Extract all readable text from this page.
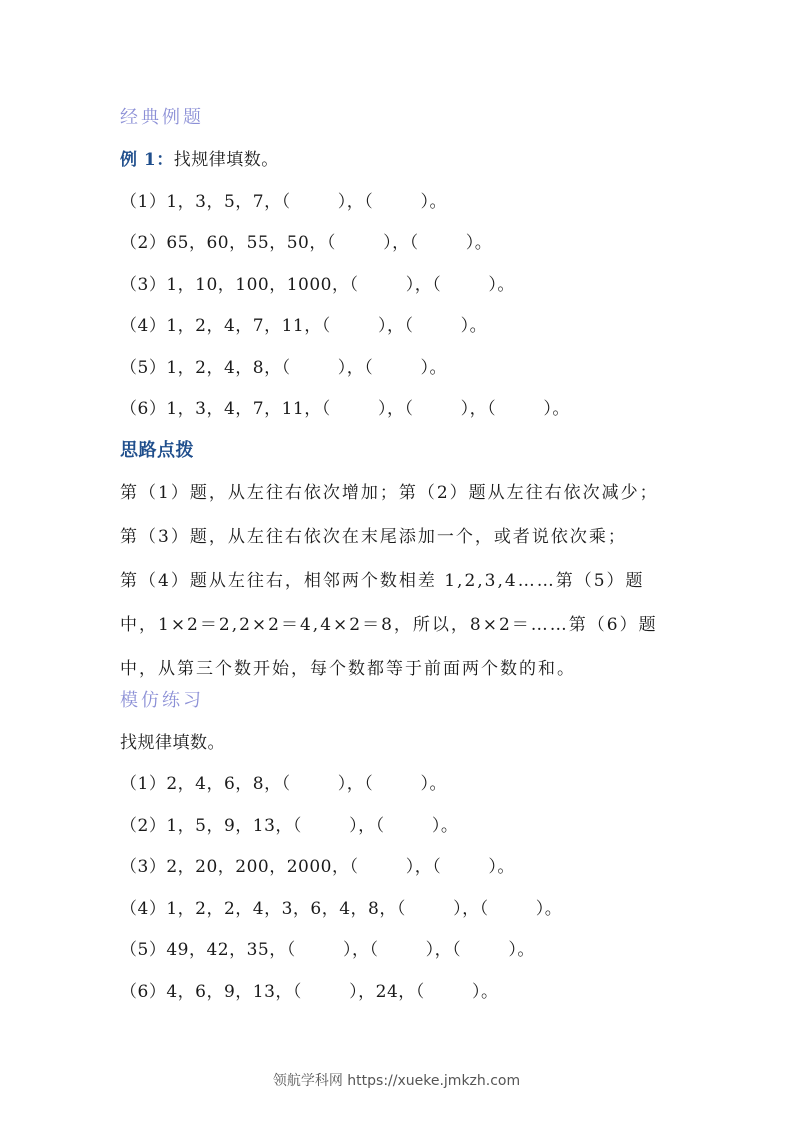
经典例题
例 1：找规律填数。
（1）1，3，5，7，（        ），（        ）。
（2）65，60，55，50，（        ），（        ）。
（3）1，10，100，1000，（        ），（        ）。
（4）1，2，4，7，11，（        ），（        ）。
（5）1，2，4，8，（        ），（        ）。
（6）1，3，4，7，11，（        ），（        ），（        ）。
思路点拨
第（1）题，从左往右依次增加；第（2）题从左往右依次减少；
第（3）题，从左往右依次在末尾添加一个，或者说依次乘；
第（4）题从左往右，相邻两个数相差 1,2,3,4……第（5）题
中，1×2＝2,2×2＝4,4×2＝8，所以，8×2＝……第（6）题
中，从第三个数开始，每个数都等于前面两个数的和。
模仿练习
找规律填数。
（1）2，4，6，8，（        ），（        ）。
（2）1，5，9，13，（        ），（        ）。
（3）2，20，200，2000，（        ），（        ）。
（4）1，2，2，4，3，6，4，8，（        ），（        ）。
（5）49，42，35，（        ），（        ），（        ）。
（6）4，6，9，13，（        ），24，（        ）。
领航学科网 https://xueke.jmkzh.com
